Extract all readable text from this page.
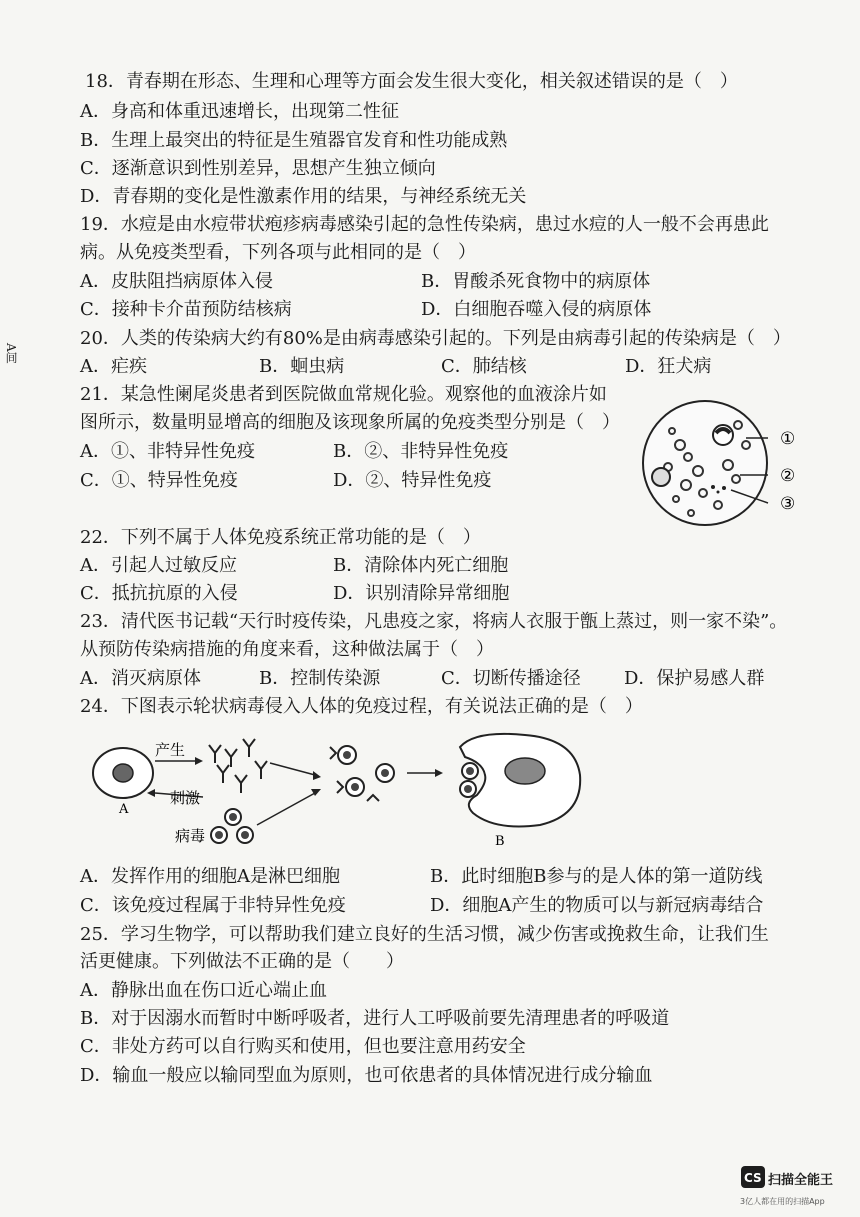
A间
18．青春期在形态、生理和心理等方面会发生很大变化，相关叙述错误的是（　）
A．身高和体重迅速增长，出现第二性征
B．生理上最突出的特征是生殖器官发育和性功能成熟
C．逐渐意识到性别差异，思想产生独立倾向
D．青春期的变化是性激素作用的结果，与神经系统无关
19．水痘是由水痘带状疱疹病毒感染引起的急性传染病，患过水痘的人一般不会再患此
病。从免疫类型看，下列各项与此相同的是（　）
A．皮肤阻挡病原体入侵	B．胃酸杀死食物中的病原体
C．接种卡介苗预防结核病	D．白细胞吞噬入侵的病原体
20．人类的传染病大约有80%是由病毒感染引起的。下列是由病毒引起的传染病是（　）
A．疟疾	B．蛔虫病	C．肺结核	D．狂犬病
21．某急性阑尾炎患者到医院做血常规化验。观察他的血液涂片如
图所示，数量明显增高的细胞及该现象所属的免疫类型分别是（　）
A．①、非特异性免疫	B．②、非特异性免疫
C．①、特异性免疫	D．②、特异性免疫
①
②
③
22．下列不属于人体免疫系统正常功能的是（　）
A．引起人过敏反应	B．清除体内死亡细胞
C．抵抗抗原的入侵	D．识别清除异常细胞
23．清代医书记载“天行时疫传染，凡患疫之家，将病人衣服于甑上蒸过，则一家不染”。
从预防传染病措施的角度来看，这种做法属于（　）
A．消灭病原体	B．控制传染源	C．切断传播途径 D．保护易感人群
24．下图表示轮状病毒侵入人体的免疫过程，有关说法正确的是（　）
A
产生
刺激
病毒	B
A．发挥作用的细胞A是淋巴细胞	B．此时细胞B参与的是人体的第一道防线
C．该免疫过程属于非特异性免疫	D．细胞A产生的物质可以与新冠病毒结合
25．学习生物学，可以帮助我们建立良好的生活习惯，减少伤害或挽救生命，让我们生
活更健康。下列做法不正确的是（　　）
A．静脉出血在伤口近心端止血
B．对于因溺水而暂时中断呼吸者，进行人工呼吸前要先清理患者的呼吸道
C．非处方药可以自行购买和使用，但也要注意用药安全
D．输血一般应以输同型血为原则，也可依患者的具体情况进行成分输血
CS 扫描全能王
3亿人都在用的扫描App
